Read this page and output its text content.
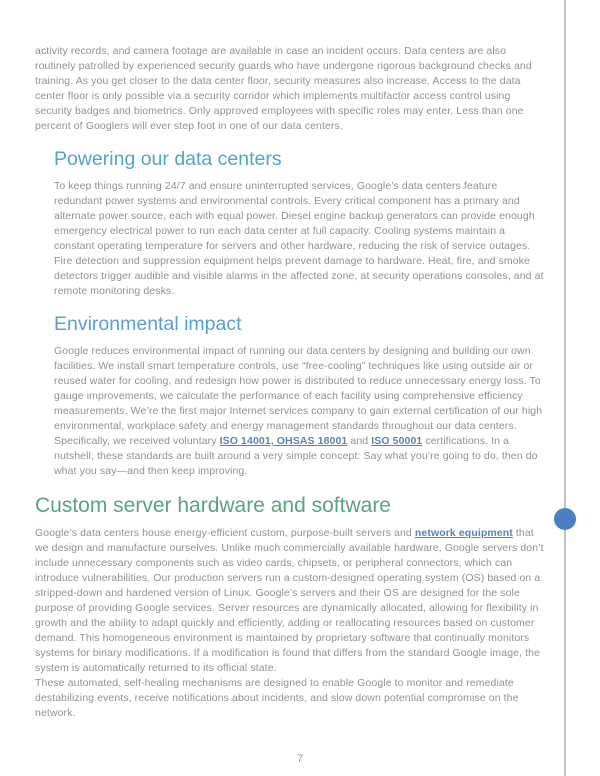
activity records, and camera footage are available in case an incident occurs. Data centers are also routinely patrolled by experienced security guards who have undergone rigorous background checks and training. As you get closer to the data center floor, security measures also increase. Access to the data center floor is only possible via a security corridor which implements multifactor access control using security badges and biometrics. Only approved employees with specific roles may enter. Less than one percent of Googlers will ever step foot in one of our data centers.

Powering our data centers

To keep things running 24/7 and ensure uninterrupted services, Google’s data centers feature redundant power systems and environmental controls. Every critical component has a primary and alternate power source, each with equal power. Diesel engine backup generators can provide enough emergency electrical power to run each data center at full capacity. Cooling systems maintain a constant operating temperature for servers and other hardware, reducing the risk of service outages. Fire detection and suppression equipment helps prevent damage to hardware. Heat, fire, and smoke detectors trigger audible and visible alarms in the affected zone, at security operations consoles, and at remote monitoring desks.

Environmental impact

Google reduces environmental impact of running our data centers by designing and building our own facilities. We install smart temperature controls, use “free-cooling” techniques like using outside air or reused water for cooling, and redesign how power is distributed to reduce unnecessary energy loss. To gauge improvements, we calculate the performance of each facility using comprehensive efficiency measurements. We’re the first major Internet services company to gain external certification of our high environmental, workplace safety and energy management standards throughout our data centers. Specifically, we received voluntary ISO 14001, OHSAS 18001 and ISO 50001 certifications. In a nutshell, these standards are built around a very simple concept: Say what you’re going to do, then do what you say—and then keep improving.

Custom server hardware and software

Google’s data centers house energy-efficient custom, purpose-built servers and network equipment that we design and manufacture ourselves. Unlike much commercially available hardware, Google servers don’t include unnecessary components such as video cards, chipsets, or peripheral connectors, which can introduce vulnerabilities. Our production servers run a custom-designed operating system (OS) based on a stripped-down and hardened version of Linux. Google’s servers and their OS are designed for the sole purpose of providing Google services. Server resources are dynamically allocated, allowing for flexibility in growth and the ability to adapt quickly and efficiently, adding or reallocating resources based on customer demand. This homogeneous environment is maintained by proprietary software that continually monitors systems for binary modifications. If a modification is found that differs from the standard Google image, the system is automatically returned to its official state.

These automated, self-healing mechanisms are designed to enable Google to monitor and remediate destabilizing events, receive notifications about incidents, and slow down potential compromise on the network.

7
